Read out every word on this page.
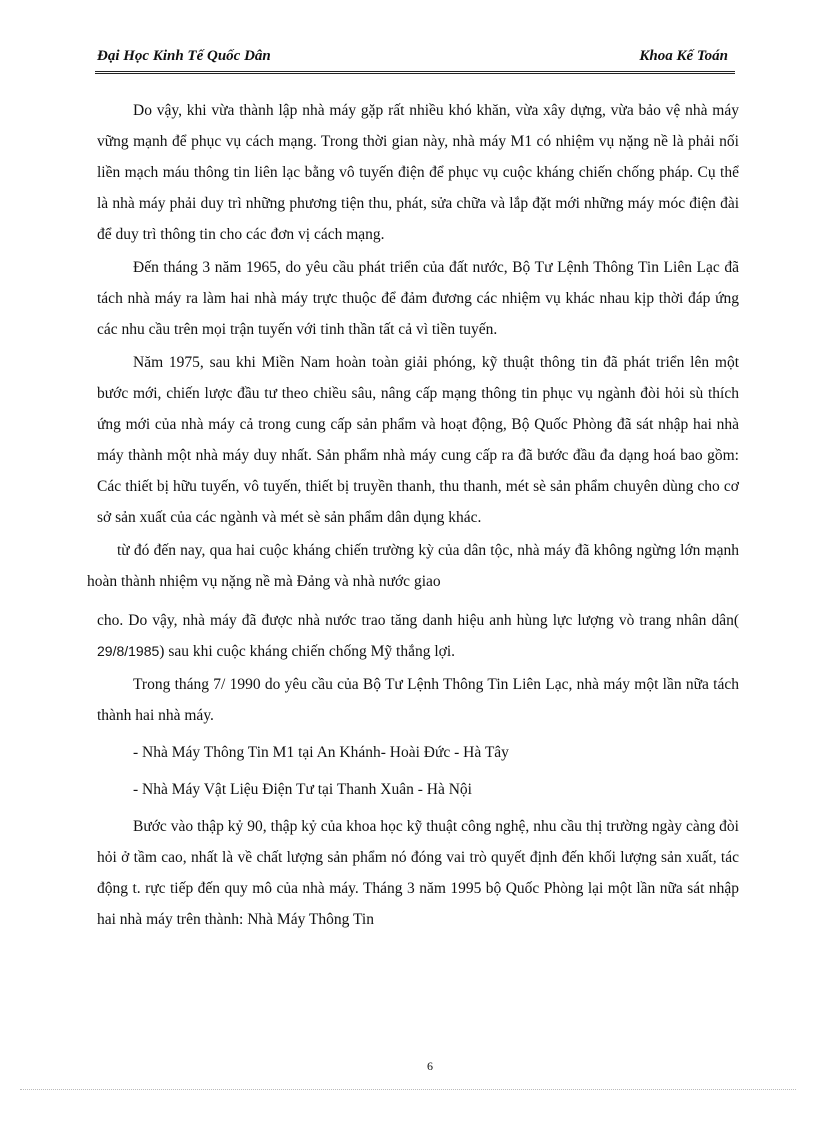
Đại Học Kinh Tế Quốc Dân	Khoa Kế Toán

Do vậy, khi vừa thành lập nhà máy gặp rất nhiều khó khăn, vừa xây dựng, vừa bảo vệ nhà máy vững mạnh để phục vụ cách mạng. Trong thời gian này, nhà máy M1 có nhiệm vụ nặng nề là phải nối liền mạch máu thông tin liên lạc bằng vô tuyến điện để phục vụ cuộc kháng chiến chống pháp. Cụ thể là nhà máy phải duy trì những phương tiện thu, phát, sửa chữa và lắp đặt mới những máy móc điện đài để duy trì thông tin cho các đơn vị cách mạng.

Đến tháng 3 năm 1965, do yêu cầu phát triển của đất nước, Bộ Tư Lệnh Thông Tin Liên Lạc đã tách nhà máy ra làm hai nhà máy trực thuộc để đảm đương các nhiệm vụ khác nhau kịp thời đáp ứng các nhu cầu trên mọi trận tuyến với tinh thần tất cả vì tiền tuyến.

Năm 1975, sau khi Miền Nam hoàn toàn giải phóng, kỹ thuật thông tin đã phát triển lên một bước mới, chiến lược đầu tư theo chiều sâu, nâng cấp mạng thông tin phục vụ ngành đòi hỏi sù thích ứng mới của nhà máy cả trong cung cấp sản phẩm và hoạt động, Bộ Quốc Phòng đã sát nhập hai nhà máy thành một nhà máy duy nhất. Sản phẩm nhà máy cung cấp ra đã bước đầu đa dạng hoá bao gồm: Các thiết bị hữu tuyến, vô tuyến, thiết bị truyền thanh, thu thanh, mét sè sản phẩm chuyên dùng cho cơ sở sản xuất của các ngành và mét sè sản phẩm dân dụng khác.

từ đó đến nay, qua hai cuộc kháng chiến trường kỳ của dân tộc, nhà máy đã không ngừng lớn mạnh hoàn thành nhiệm vụ nặng nề mà Đảng và nhà nước giao

cho. Do vậy, nhà máy đã được nhà nước trao tăng danh hiệu anh hùng lực lượng vò trang nhân dân( 29/8/1985) sau khi cuộc kháng chiến chống Mỹ thắng lợi.

Trong tháng 7/ 1990 do yêu cầu của Bộ Tư Lệnh Thông Tin Liên Lạc, nhà máy một lần nữa tách thành hai nhà máy.

- Nhà Máy Thông Tin M1 tại An Khánh- Hoài Đức - Hà Tây

- Nhà Máy Vật Liệu Điện Tư tại Thanh Xuân - Hà Nội

Bước vào thập kỷ 90, thập kỷ của khoa học kỹ thuật công nghệ, nhu cầu thị trường ngày càng đòi hỏi ở tầm cao, nhất là về chất lượng sản phẩm nó đóng vai trò quyết định đến khối lượng sản xuất, tác động t. rực tiếp đến quy mô của nhà máy. Tháng 3 năm 1995 bộ Quốc Phòng lại một lần nữa sát nhập hai nhà máy trên thành: Nhà Máy Thông Tin

6
